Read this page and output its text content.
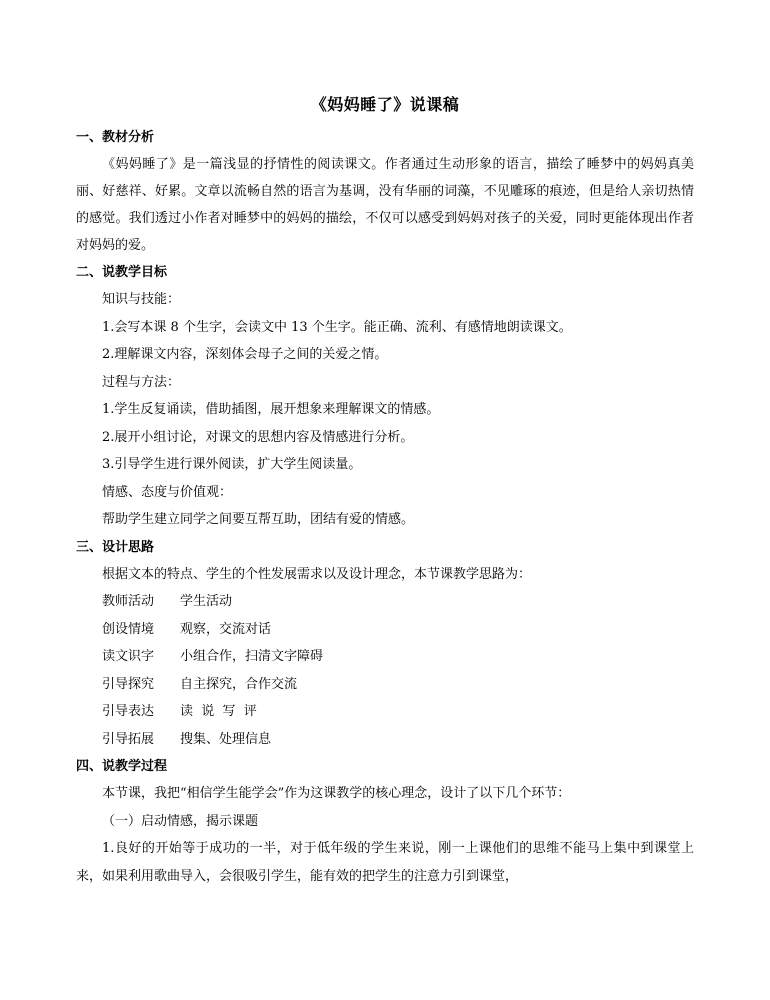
《妈妈睡了》说课稿
一、教材分析

《妈妈睡了》是一篇浅显的抒情性的阅读课文。作者通过生动形象的语言，描绘了睡梦中的妈妈真美丽、好慈祥、好累。文章以流畅自然的语言为基调，没有华丽的词藻，不见雕琢的痕迹，但是给人亲切热情的感觉。我们透过小作者对睡梦中的妈妈的描绘，不仅可以感受到妈妈对孩子的关爱，同时更能体现出作者对妈妈的爱。

二、说教学目标
知识与技能：
1.会写本课 8 个生字，会读文中 13 个生字。能正确、流利、有感情地朗读课文。
2.理解课文内容，深刻体会母子之间的关爱之情。
过程与方法：
1.学生反复诵读，借助插图，展开想象来理解课文的情感。
2.展开小组讨论，对课文的思想内容及情感进行分析。
3.引导学生进行课外阅读，扩大学生阅读量。
情感、态度与价值观：
帮助学生建立同学之间要互帮互助，团结有爱的情感。
三、设计思路
根据文本的特点、学生的个性发展需求以及设计理念，本节课教学思路为：
教师活动 学生活动
创设情境 观察，交流对话
读文识字 小组合作，扫清文字障碍
引导探究 自主探究，合作交流
引导表达 读  说  写  评
引导拓展 搜集、处理信息
四、说教学过程
本节课，我把“相信学生能学会”作为这课教学的核心理念，设计了以下几个环节：
（一）启动情感，揭示课题

1.良好的开始等于成功的一半，对于低年级的学生来说，刚一上课他们的思维不能马上集中到课堂上来，如果利用歌曲导入，会很吸引学生，能有效的把学生的注意力引到课堂，
